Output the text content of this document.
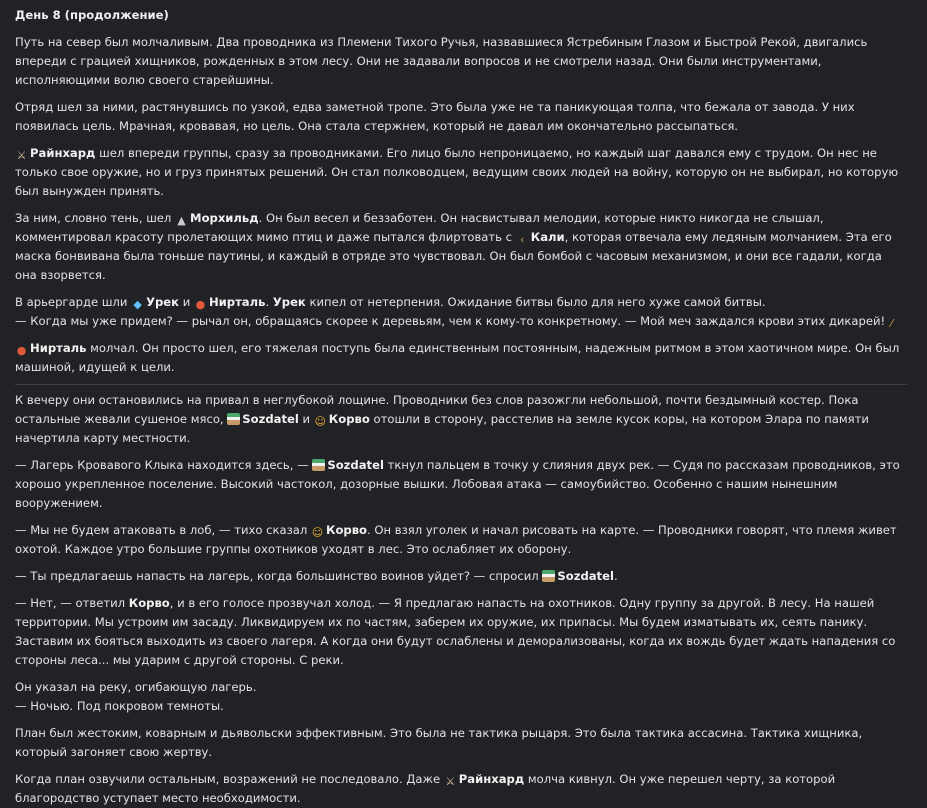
День 8 (продолжение)

Путь на север был молчаливым. Два проводника из Племени Тихого Ручья, назвавшиеся Ястребиным Глазом и Быстрой Рекой, двигались впереди с грацией хищников, рожденных в этом лесу. Они не задавали вопросов и не смотрели назад. Они были инструментами, исполняющими волю своего старейшины.

Отряд шел за ними, растянувшись по узкой, едва заметной тропе. Это была уже не та паникующая толпа, что бежала от завода. У них появилась цель. Мрачная, кровавая, но цель. Она стала стержнем, который не давал им окончательно рассыпаться.

⚔ Райнхард шел впереди группы, сразу за проводниками. Его лицо было непроницаемо, но каждый шаг давался ему с трудом. Он нес не только свое оружие, но и груз принятых решений. Он стал полководцем, ведущим своих людей на войну, которую он не выбирал, но которую был вынужден принять.

За ним, словно тень, шел ▲ Морхильд. Он был весел и беззаботен. Он насвистывал мелодии, которые никто никогда не слышал, комментировал красоту пролетающих мимо птиц и даже пытался флиртовать с ‹ Кали, которая отвечала ему ледяным молчанием. Эта его маска бонвивана была тоньше паутины, и каждый в отряде это чувствовал. Он был бомбой с часовым механизмом, и они все гадали, когда она взорвется.

В арьергарде шли ◆ Урек и ● Нирталь. Урек кипел от нетерпения. Ожидание битвы было для него хуже самой битвы.
— Когда мы уже придем? — рычал он, обращаясь скорее к деревьям, чем к кому-то конкретному. — Мой меч заждался крови этих дикарей! ⁄

● Нирталь молчал. Он просто шел, его тяжелая поступь была единственным постоянным, надежным ритмом в этом хаотичном мире. Он был машиной, идущей к цели.

К вечеру они остановились на привал в неглубокой лощине. Проводники без слов разожгли небольшой, почти бездымный костер. Пока остальные жевали сушеное мясо, Sozdatel и ☺ Корво отошли в сторону, расстелив на земле кусок коры, на котором Элара по памяти начертила карту местности.

— Лагерь Кровавого Клыка находится здесь, — Sozdatel ткнул пальцем в точку у слияния двух рек. — Судя по рассказам проводников, это хорошо укрепленное поселение. Высокий частокол, дозорные вышки. Лобовая атака — самоубийство. Особенно с нашим нынешним вооружением.

— Мы не будем атаковать в лоб, — тихо сказал ☺ Корво. Он взял уголек и начал рисовать на карте. — Проводники говорят, что племя живет охотой. Каждое утро большие группы охотников уходят в лес. Это ослабляет их оборону.

— Ты предлагаешь напасть на лагерь, когда большинство воинов уйдет? — спросил Sozdatel.

— Нет, — ответил Корво, и в его голосе прозвучал холод. — Я предлагаю напасть на охотников. Одну группу за другой. В лесу. На нашей территории. Мы устроим им засаду. Ликвидируем их по частям, заберем их оружие, их припасы. Мы будем изматывать их, сеять панику. Заставим их бояться выходить из своего лагеря. А когда они будут ослаблены и деморализованы, когда их вождь будет ждать нападения со стороны леса... мы ударим с другой стороны. С реки.

Он указал на реку, огибающую лагерь.
— Ночью. Под покровом темноты.

План был жестоким, коварным и дьявольски эффективным. Это была не тактика рыцаря. Это была тактика ассасина. Тактика хищника, который загоняет свою жертву.

Когда план озвучили остальным, возражений не последовало. Даже ⚔ Райнхард молча кивнул. Он уже перешел черту, за которой благородство уступает место необходимости.
